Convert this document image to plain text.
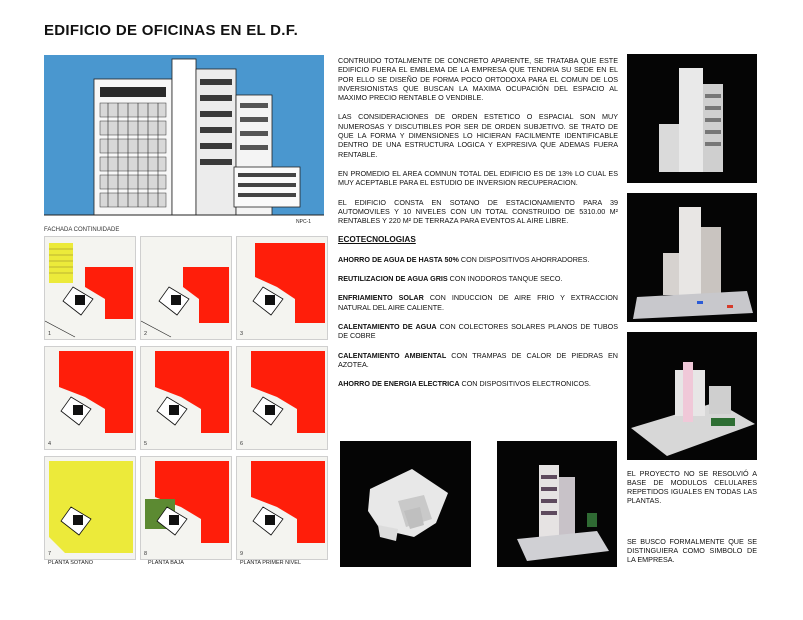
EDIFICIO DE OFICINAS EN EL D.F.
NPC-1
FACHADA CONTINUIDADE
1	2	3
4	5	6
7	8	9
PLANTA SOTANO	PLANTA BAJA	PLANTA PRIMER NIVEL

CONTRUIDO TOTALMENTE DE CONCRETO APARENTE, SE TRATABA QUE ESTE EDIFICIO FUERA EL EMBLEMA DE LA EMPRESA QUE TENDRIA SU SEDE EN EL POR ELLO SE DISEÑO DE FORMA POCO ORTODOXA PARA EL COMUN DE LOS INVERSIONISTAS QUE BUSCAN LA MAXIMA OCUPACIÓN DEL ESPACIO AL MAXIMO PRECIO RENTABLE O VENDIBLE.

LAS CONSIDERACIONES DE ORDEN ESTETICO O ESPACIAL SON MUY NUMEROSAS Y DISCUTIBLES POR SER DE ORDEN SUBJETIVO. SE TRATO DE QUE LA FORMA Y DIMENSIONES LO HICIERAN FACILMENTE IDENTIFICABLE DENTRO DE UNA ESTRUCTURA LOGICA Y EXPRESIVA QUE ADEMAS FUERA RENTABLE.

EN PROMEDIO EL AREA COMNUN TOTAL DEL EDIFICIO ES DE 13% LO CUAL ES MUY ACEPTABLE PARA EL ESTUDIO DE INVERSION RECUPERACION.

EL EDIFICIO CONSTA EN SOTANO DE ESTACIONAMIENTO PARA 39 AUTOMOVILES Y 10 NIVELES CON UN TOTAL CONSTRUIDO DE 5310.00 M² RENTABLES Y 220 M² DE TERRAZA PARA EVENTOS AL AIRE LIBRE.

ECOTECNOLOGIAS

AHORRO DE AGUA DE HASTA 50% CON DISPOSITIVOS AHORRADORES.

REUTILIZACION DE AGUA GRIS CON INODOROS TANQUE SECO.

ENFRIAMIENTO SOLAR CON INDUCCION DE AIRE FRIO Y EXTRACCION NATURAL DEL AIRE CALIENTE.

CALENTAMIENTO DE AGUA CON COLECTORES SOLARES PLANOS DE TUBOS DE COBRE

CALENTAMIENTO AMBIENTAL CON TRAMPAS DE CALOR DE PIEDRAS EN AZOTEA.

AHORRO DE ENERGIA ELECTRICA CON DISPOSITIVOS ELECTRONICOS.

EL PROYECTO NO SE RESOLVIÓ A BASE DE MODULOS CELULARES REPETIDOS IGUALES EN TODAS LAS PLANTAS.
SE BUSCO FORMALMENTE QUE SE DISTINGUIERA COMO SIMBOLO DE LA EMPRESA.
